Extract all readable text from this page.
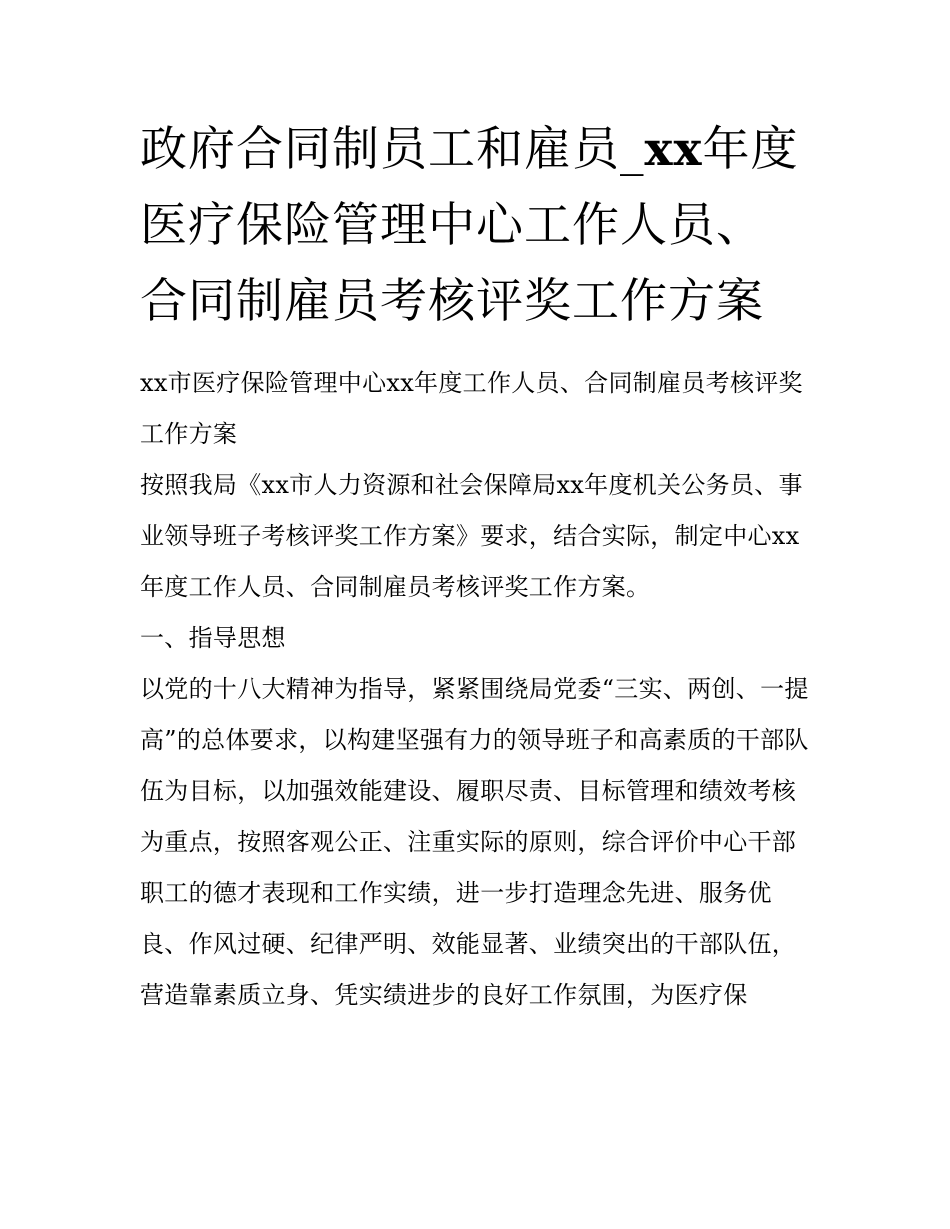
政府合同制员工和雇员_xx年度医疗保险管理中心工作人员、合同制雇员考核评奖工作方案

xx市医疗保险管理中心xx年度工作人员、合同制雇员考核评奖工作方案

按照我局《xx市人力资源和社会保障局xx年度机关公务员、事业领导班子考核评奖工作方案》要求，结合实际，制定中心xx年度工作人员、合同制雇员考核评奖工作方案。

一、指导思想

以党的十八大精神为指导，紧紧围绕局党委“三实、两创、一提高”的总体要求，以构建坚强有力的领导班子和高素质的干部队伍为目标，以加强效能建设、履职尽责、目标管理和绩效考核为重点，按照客观公正、注重实际的原则，综合评价中心干部职工的德才表现和工作实绩，进一步打造理念先进、服务优良、作风过硬、纪律严明、效能显著、业绩突出的干部队伍，营造靠素质立身、凭实绩进步的良好工作氛围，为医疗保
